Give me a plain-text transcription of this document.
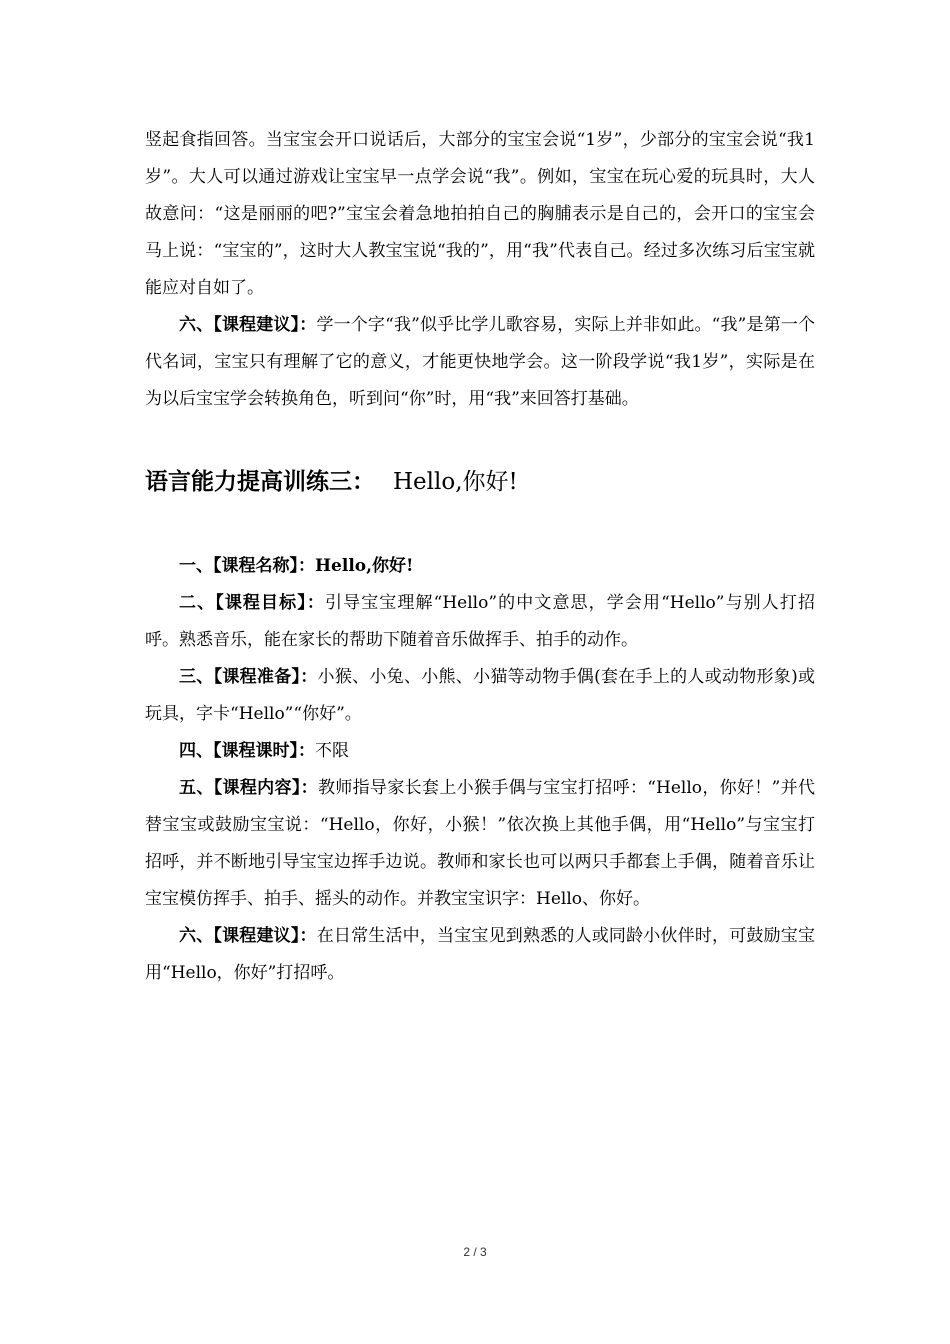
竖起食指回答。当宝宝会开口说话后，大部分的宝宝会说“1岁”，少部分的宝宝会说“我1岁”。大人可以通过游戏让宝宝早一点学会说“我”。例如，宝宝在玩心爱的玩具时，大人故意问：“这是丽丽的吧?”宝宝会着急地拍拍自己的胸脯表示是自己的，会开口的宝宝会马上说：“宝宝的”，这时大人教宝宝说“我的”，用“我”代表自己。经过多次练习后宝宝就能应对自如了。

六、【课程建议】：学一个字“我”似乎比学儿歌容易，实际上并非如此。“我”是第一个代名词，宝宝只有理解了它的意义，才能更快地学会。这一阶段学说“我1岁”，实际是在为以后宝宝学会转换角色，听到问“你”时，用“我”来回答打基础。

语言能力提高训练三： Hello,你好!

一、【课程名称】：Hello,你好!

二、【课程目标】：引导宝宝理解“Hello”的中文意思，学会用“Hello”与别人打招呼。熟悉音乐，能在家长的帮助下随着音乐做挥手、拍手的动作。

三、【课程准备】：小猴、小兔、小熊、小猫等动物手偶(套在手上的人或动物形象)或玩具，字卡“Hello”“你好”。

四、【课程课时】：不限

五、【课程内容】：教师指导家长套上小猴手偶与宝宝打招呼：“Hello，你好！”并代替宝宝或鼓励宝宝说：“Hello，你好，小猴！”依次换上其他手偶，用“Hello”与宝宝打招呼，并不断地引导宝宝边挥手边说。教师和家长也可以两只手都套上手偶，随着音乐让宝宝模仿挥手、拍手、摇头的动作。并教宝宝识字：Hello、你好。

六、【课程建议】：在日常生活中，当宝宝见到熟悉的人或同龄小伙伴时，可鼓励宝宝用“Hello，你好”打招呼。

2 / 3
